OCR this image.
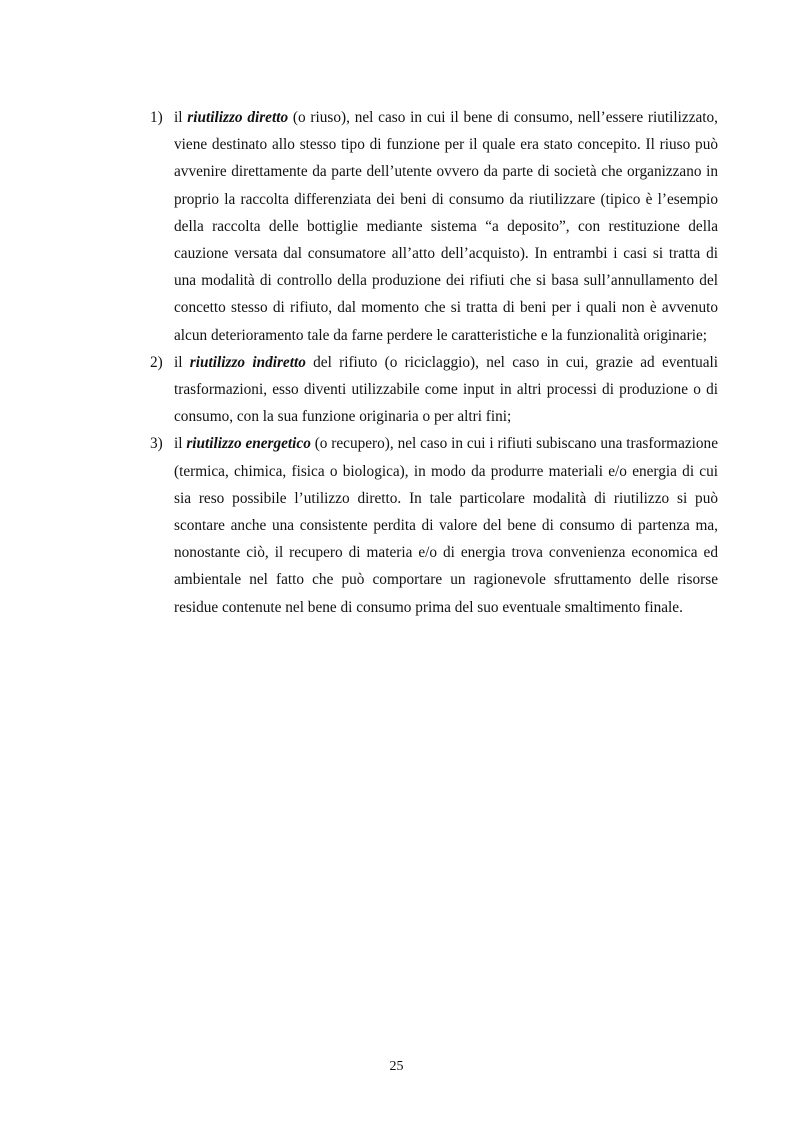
1) il riutilizzo diretto (o riuso), nel caso in cui il bene di consumo, nell’essere riutilizzato, viene destinato allo stesso tipo di funzione per il quale era stato concepito. Il riuso può avvenire direttamente da parte dell’utente ovvero da parte di società che organizzano in proprio la raccolta differenziata dei beni di consumo da riutilizzare (tipico è l’esempio della raccolta delle bottiglie mediante sistema “a deposito”, con restituzione della cauzione versata dal consumatore all’atto dell’acquisto). In entrambi i casi si tratta di una modalità di controllo della produzione dei rifiuti che si basa sull’annullamento del concetto stesso di rifiuto, dal momento che si tratta di beni per i quali non è avvenuto alcun deterioramento tale da farne perdere le caratteristiche e la funzionalità originarie;
2) il riutilizzo indiretto del rifiuto (o riciclaggio), nel caso in cui, grazie ad eventuali trasformazioni, esso diventi utilizzabile come input in altri processi di produzione o di consumo, con la sua funzione originaria o per altri fini;
3) il riutilizzo energetico (o recupero), nel caso in cui i rifiuti subiscano una trasformazione (termica, chimica, fisica o biologica), in modo da produrre materiali e/o energia di cui sia reso possibile l’utilizzo diretto. In tale particolare modalità di riutilizzo si può scontare anche una consistente perdita di valore del bene di consumo di partenza ma, nonostante ciò, il recupero di materia e/o di energia trova convenienza economica ed ambientale nel fatto che può comportare un ragionevole sfruttamento delle risorse residue contenute nel bene di consumo prima del suo eventuale smaltimento finale.
25
